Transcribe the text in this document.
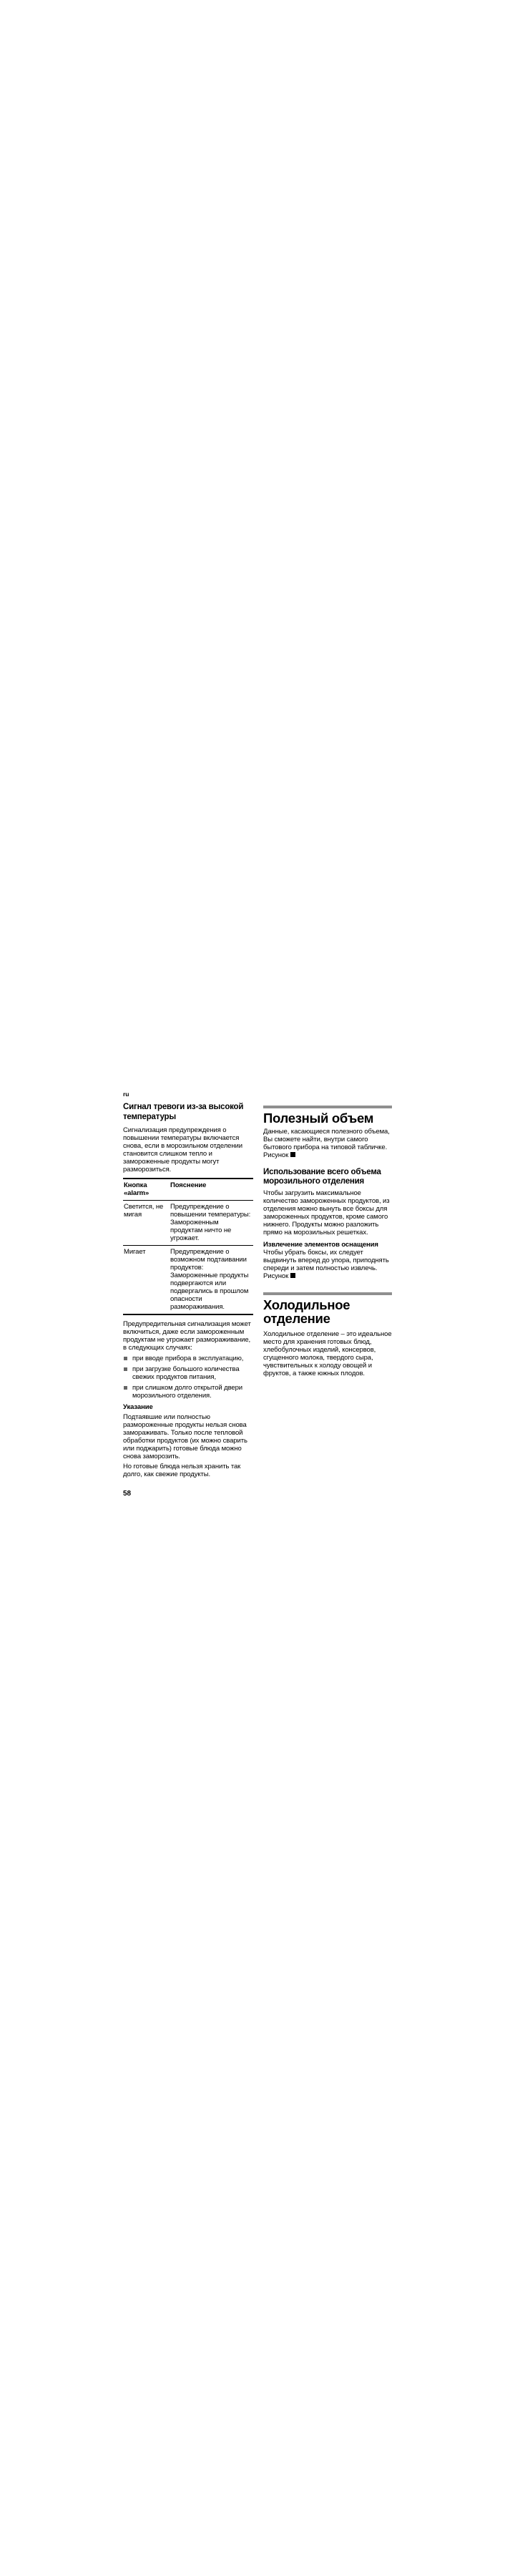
ru
Сигнал тревоги из-за высокой температуры

Сигнализация предупреждения о повышении температуры включается снова, если в морозильном отделении становится слишком тепло и замороженные продукты могут разморозиться.

Кнопка «alarm»	Пояснение
Светится, не мигая	Предупреждение о повышении температуры: Замороженным продуктам ничто не угрожает.
Мигает	Предупреждение о возможном подтаивании продуктов: Замороженные продукты подвергаются или подвергались в прошлом опасности размораживания.

Предупредительная сигнализация может включиться, даже если замороженным продуктам не угрожает размораживание, в следующих случаях:

при вводе прибора в эксплуатацию,
при загрузке большого количества свежих продуктов питания,
при слишком долго открытой двери морозильного отделения.

Указание

Подтаявшие или полностью размороженные продукты нельзя снова замораживать. Только после тепловой обработки продуктов (их можно сварить или поджарить) готовые блюда можно снова заморозить.

Но готовые блюда нельзя хранить так долго, как свежие продукты.

58
Полезный объем

Данные, касающиеся полезного объема, Вы сможете найти, внутри самого бытового прибора на типовой табличке. Рисунок

Использование всего объема морозильного отделения

Чтобы загрузить максимальное количество замороженных продуктов, из отделения можно вынуть все боксы для замороженных продуктов, кроме самого нижнего. Продукты можно разложить прямо на морозильных решетках.

Извлечение элементов оснащения
Чтобы убрать боксы, их следует выдвинуть вперед до упора, приподнять спереди и затем полностью извлечь. Рисунок

Холодильное отделение

Холодильное отделение – это идеальное место для хранения готовых блюд, хлебобулочных изделий, консервов, сгущенного молока, твердого сыра, чувствительных к холоду овощей и фруктов, а также южных плодов.
